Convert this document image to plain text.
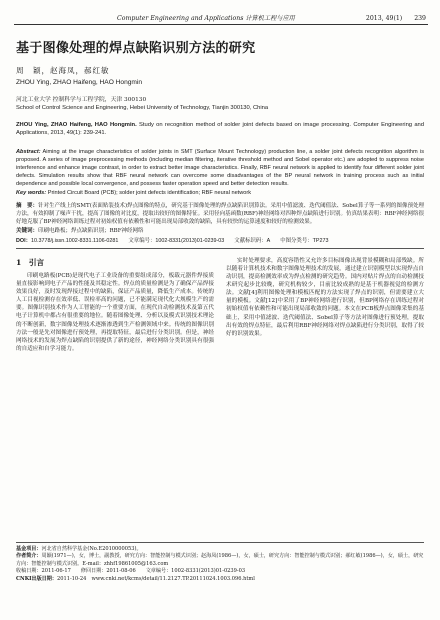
Computer Engineering and Applications 计算机工程与应用	2013, 49(1) 239
基于图像处理的焊点缺陷识别方法的研究
周　颖，赵海凤，郝红敏
ZHOU Ying, ZHAO Haifeng, HAO Hongmin
河北工业大学 控制科学与工程学院，天津 300130
School of Control Science and Engineering, Hebei University of Technology, Tianjin 300130, China
ZHOU Ying, ZHAO Haifeng, HAO Hongmin. Study on recognition method of solder joint defects based on image processing. Computer Engineering and Applications, 2013, 49(1): 239-241.
Abstract: Aiming at the image characteristics of solder joints in SMT (Surface Mount Technology) production line, a solder joint defects recognition algorithm is proposed. A series of image preprocessing methods (including median filtering, iterative threshold method and Sobel operator etc.) are adopted to suppress noise interference and enhance image contrast, in order to extract better image characteristics. Finally, RBF neural network is applied to identify four different solder joint defects. Simulation results show that RBF neural network can overcome some disadvantages of the BP neural network in training process such as initial dependence and possible local convergence, and possess faster operation speed and better detection results.
Key words: Printed Circuit Board (PCB); solder joint defects identification; RBF neural network
摘　要：针对生产线上的SMT(表面贴装技术)焊点图像的特点，研究基于图像处理的焊点缺陷识别算法。采用中值滤波、迭代阈值法、Sobel算子等一系列的图像预处理方法，有效抑制了噪声干扰，提高了图像的对比度，提取出较好的图像特征。采用径向基函数(RBF)神经网络对四种焊点缺陷进行识别。仿真结果表明：RBF神经网络很好地克服了BP神经网络训练过程对初始权值有依赖性和可能出现局部收敛的缺陷，具有较快的运算速度和较好的检测效果。
关键词：印刷电路板；焊点缺陷识别；RBF神经网络
DOI：10.3778/j.issn.1002-8331.1106-0281 文章编号：1002-8331(2013)01-0239-03 文献标识码：A 中图分类号：TP273
1　引言

印刷电路板(PCB)是现代电子工业设备的重要组成部分，板载元器件焊接质量直接影响到电子产品的性能及其稳定性。焊点的质量检测是为了确保产品焊接效果良好，及时发现焊接过程中的缺陷，保证产品质量，降低生产成本。传统的人工目视检测存在效率低、误检率高的问题，已不能满足现代化大规模生产的需要。图像识别技术作为人工智能的一个重要方面，在现代自动检测技术及第五代电子计算机中都占有很重要的地位。随着图像处理、分析以及模式识别技术理论的不断创新，数字图像处理技术逐渐渗透到生产检测领域中来。传统的图像识别方法一般是先对图像进行预处理，再提取特征，最后进行分类识别。但是，神经网络技术的发展为焊点缺陷的识别提供了新的途径，神经网络分类识别具有很强的自适应和自学习能力。

实时处理要求，高度容错性又允许多目标图像出现背景模糊和局部残缺。所以随着计算机技术和数字图像处理技术的发展，通过建立识别模型以实现焊点自动识别，提高检测效率成为焊点检测的研究趋势。国内对贴片焊点的自动检测技术研究起步比较晚，研究机构较少，目前比较成熟的是基于机器视觉的检测方法。文献[4]利用图像处理和模板匹配的方法实现了焊点的识别，但需要建立大量的模板。文献[12]中采用了BP神经网络进行识别，但BP网络存在训练过程对初始权值有依赖性和可能出现局部收敛的问题。本文在PCB板焊点图像采集的基础上，采用中值滤波、迭代阈值法、Sobel算子等方法对图像进行预处理，提取出有效的焊点特征，最后利用RBF神经网络对焊点缺陷进行分类识别，取得了较好的识别效果。

基金项目：河北省自然科学基金(No.E2010000053)。
作者简介：周颖(1971—)，女，博士，副教授，研究方向：智能控制与模式识别；赵海凤(1986—)，女，硕士，研究方向：智能控制与模式识别；郝红敏(1986—)，女，硕士，研究方向：智能控制与模式识别。E-mail：zhhf19861005@163.com
收稿日期：2011-06-17 修回日期：2011-08-06 文章编号：1002-8331(2013)01-0239-03
CNKI出版日期：2011-10-24　www.cnki.net/kcms/detail/11.2127.TP.20111024.1003.096.html
